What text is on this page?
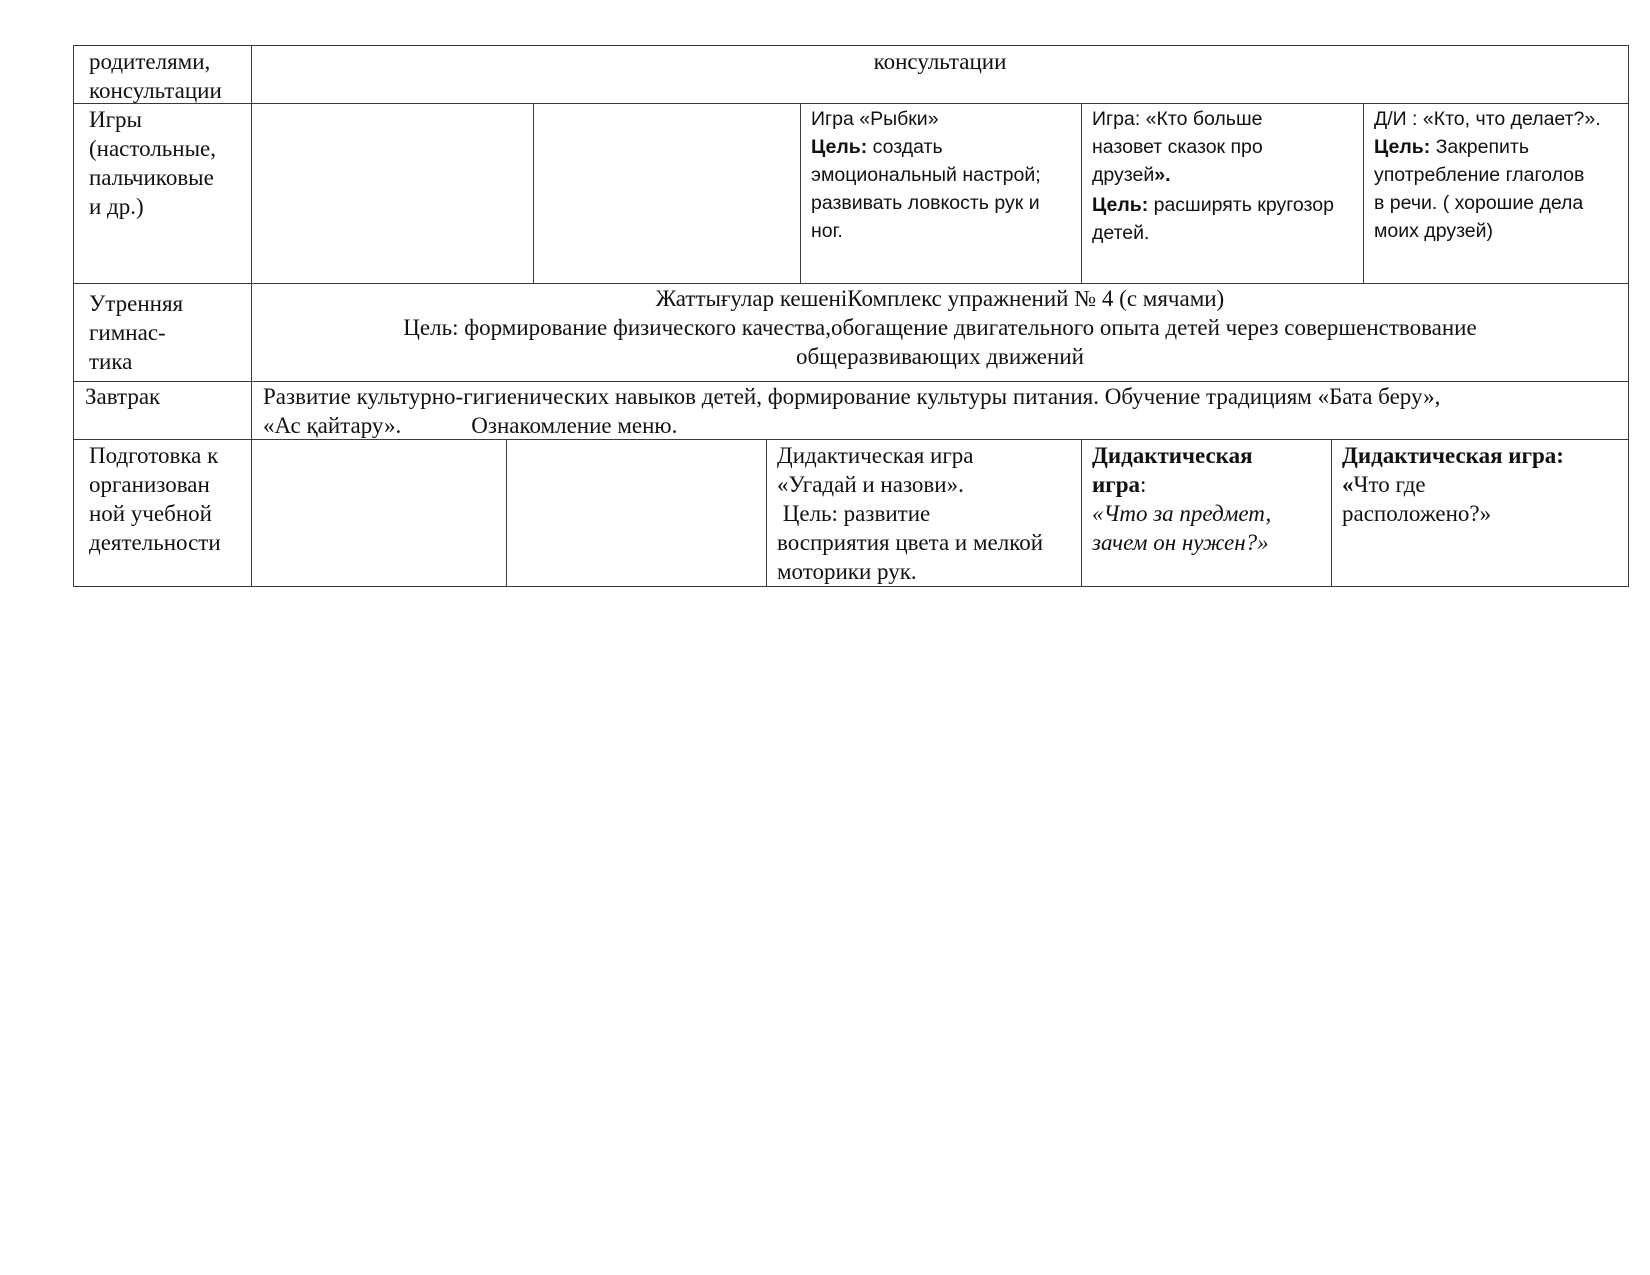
родителями,
консультации
консультации
Игры
(настольные,
пальчиковые
и др.)
Игра «Рыбки»
Цель: создать
эмоциональный настрой;
развивать ловкость рук и
ног.
Игра: «Кто больше
назовет сказок про
друзей».
Цель: расширять кругозор
детей.
Д/И : «Кто, что делает?».
Цель: Закрепить
употребление глаголов
в речи. ( хорошие дела
моих друзей)
Утренняя
гимнас-
тика
Жаттығулар кешеніКомплекс упражнений № 4 (с мячами)
Цель: формирование физического качества,обогащение двигательного опыта детей через совершенствование
общеразвивающих движений
Завтрак	Развитие культурно-гигиенических навыков детей, формирование культуры питания. Обучение традициям «Бата беру»,
«Ас қайтару».	Ознакомление меню.
Подготовка к
организован
ной учебной
деятельности
Дидактическая игра
«Угадай и назови».
Цель: развитие
восприятия цвета и мелкой
моторики рук.
Дидактическая
игра:
«Что за предмет,
зачем он нужен?»
Дидактическая игра:
«Что где
расположено?»
